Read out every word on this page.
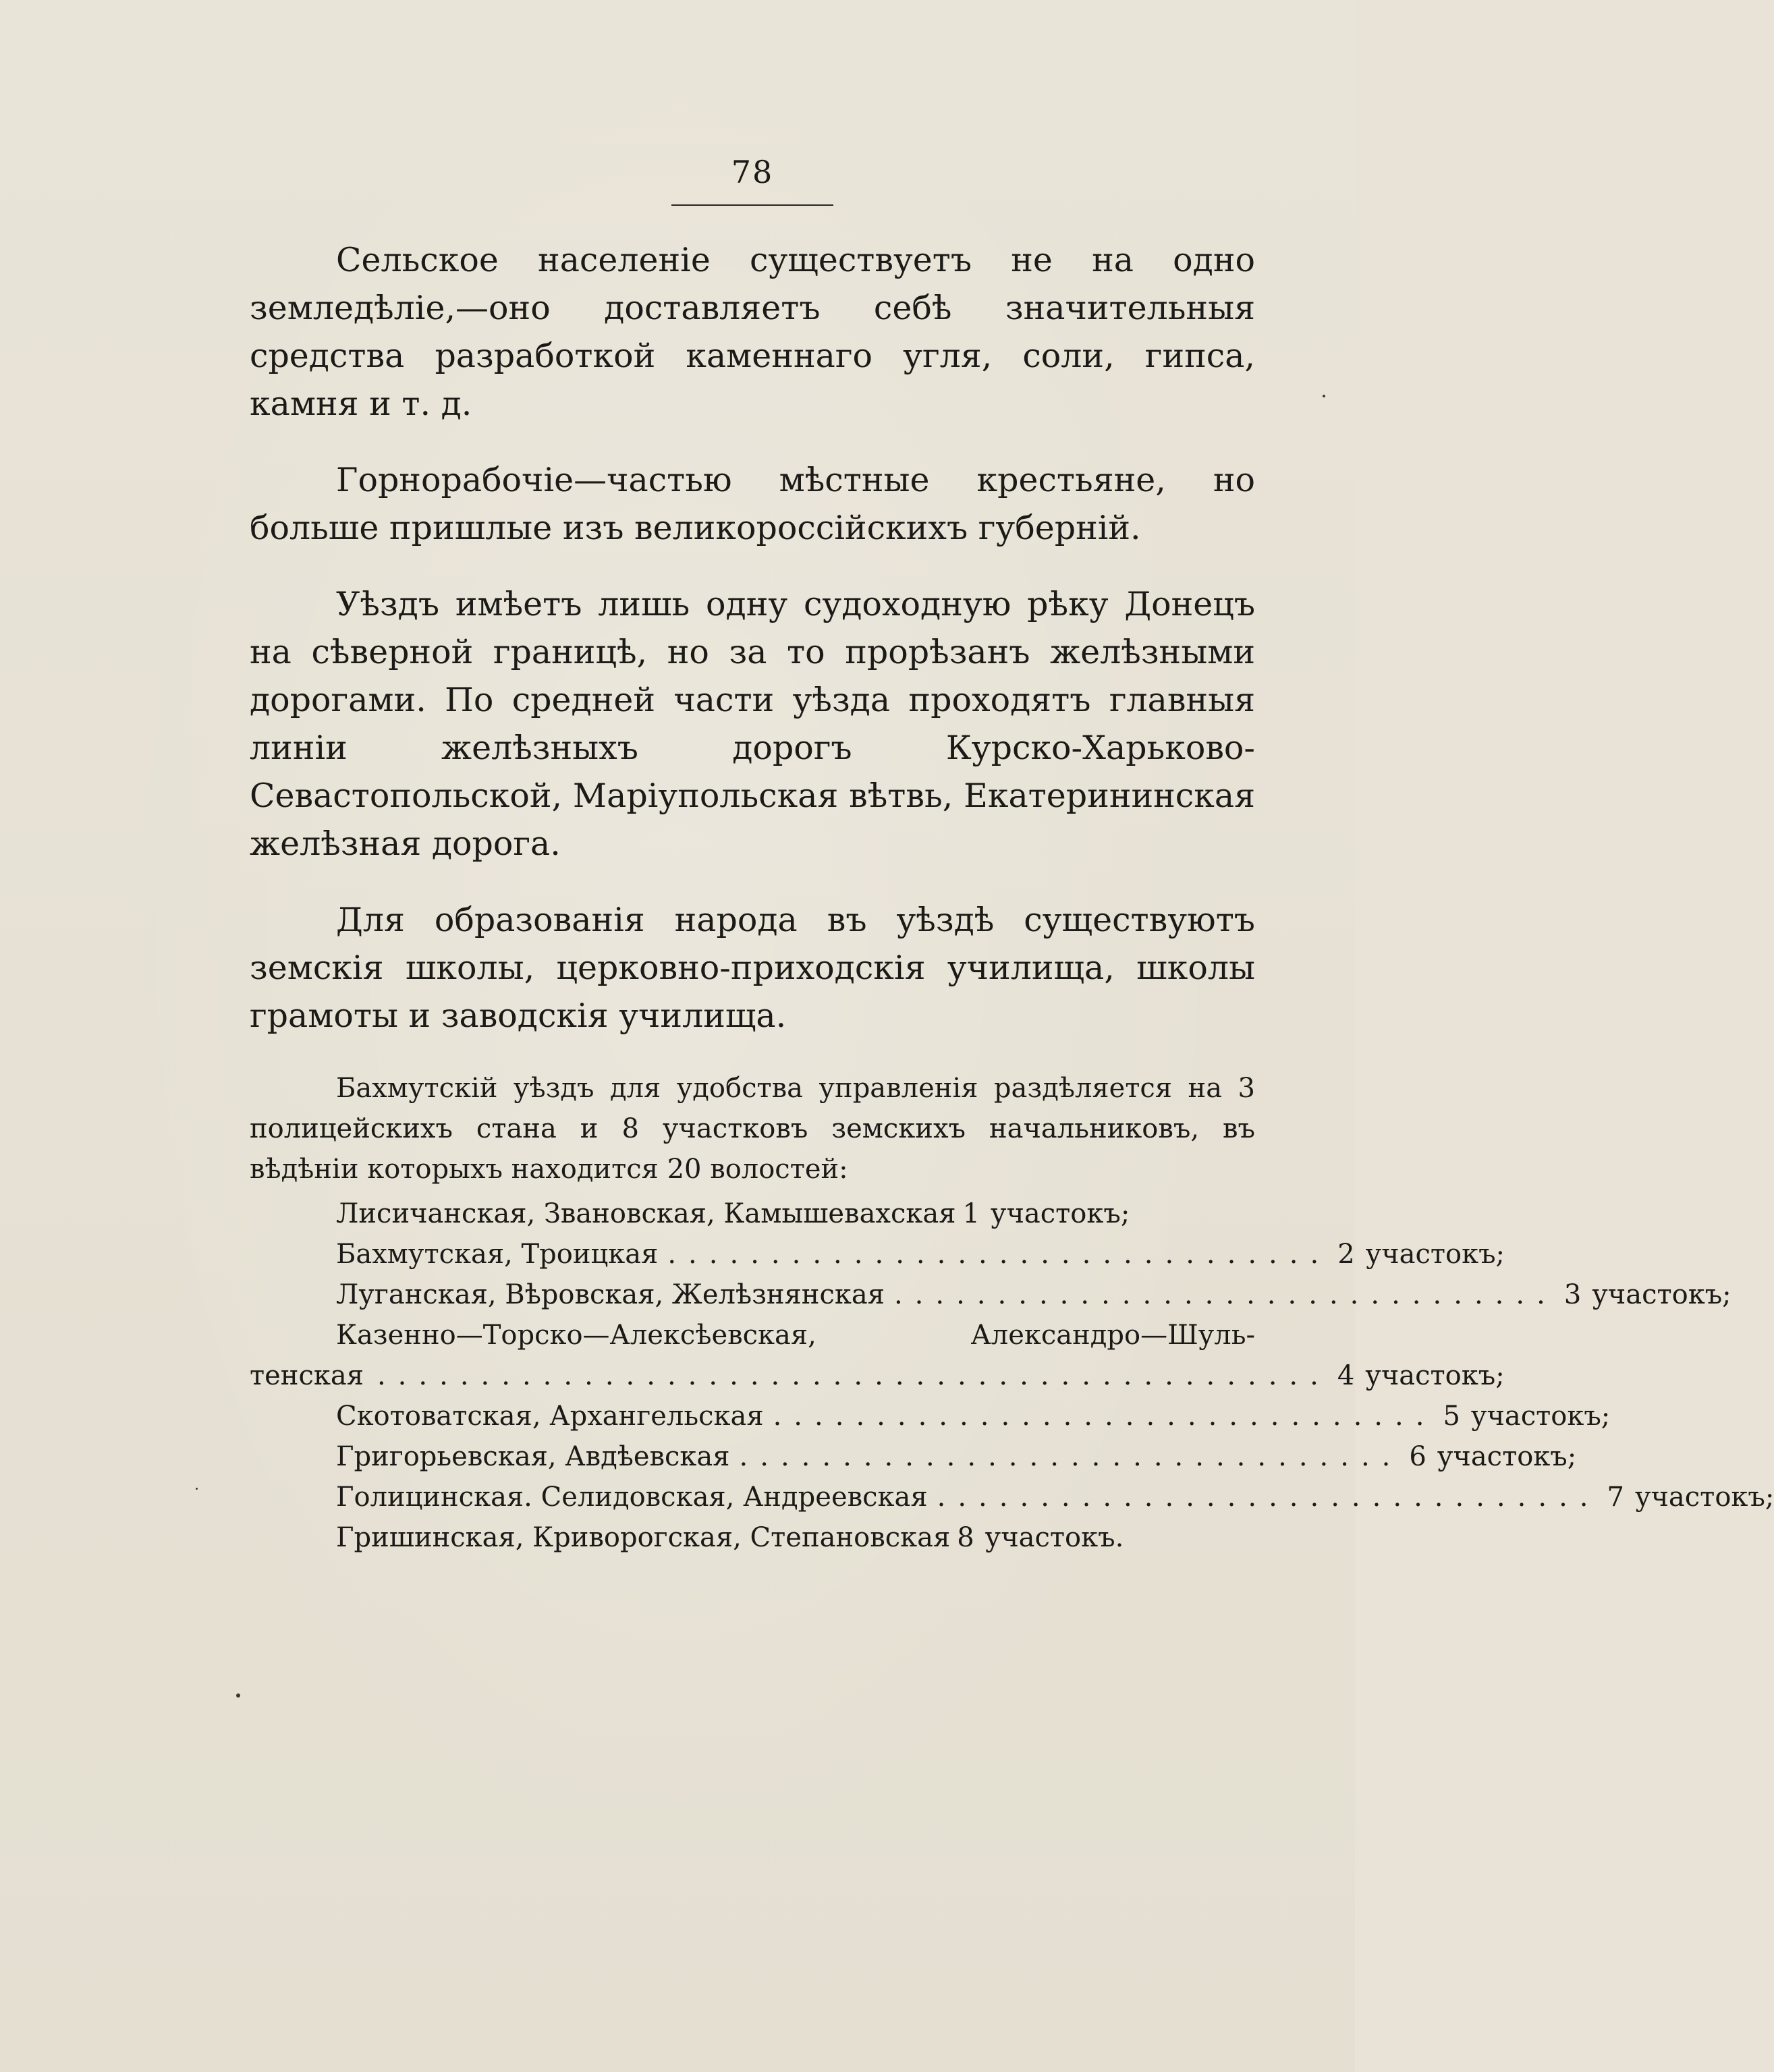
78

Сельское населеніе существуетъ не на одно земледѣліе,—оно доставляетъ себѣ значительныя средства разработкой каменнаго угля, соли, гипса, камня и т. д.

Горнорабочіе—частью мѣстные крестьяне, но больше пришлые изъ великороссійскихъ губерній.

Уѣздъ имѣетъ лишь одну судоходную рѣку Донецъ на сѣверной границѣ, но за то прорѣзанъ желѣзными дорогами. По средней части уѣзда проходятъ главныя линіи желѣзныхъ дорогъ Курско-Харьково-Севастопольской, Маріупольская вѣтвь, Екатерининская желѣзная дорога.

Для образованія народа въ уѣздѣ существуютъ земскія школы, церковно-приходскія училища, школы грамоты и заводскія училища.

Бахмутскій уѣздъ для удобства управленія раздѣляется на 3 полицейскихъ стана и 8 участковъ земскихъ начальниковъ, въ вѣдѣніи которыхъ находится 20 волостей:
Лисичанская, Звановская, Камышевахская 1 участокъ;
Бахмутская, Троицкая ................................ 2 участокъ;
Луганская, Вѣровская, Желѣзнянская ................................ 3 участокъ;
Казенно—Торско—Алексѣевская, Александро—Шуль-
тенская .............................................. 4 участокъ;
Скотоватская, Архангельская ................................ 5 участокъ;
Григорьевская, Авдѣевская ................................ 6 участокъ;
Голицинская. Селидовская, Андреевская ................................ 7 участокъ;
Гришинская, Криворогская, Степановская 8 участокъ.
